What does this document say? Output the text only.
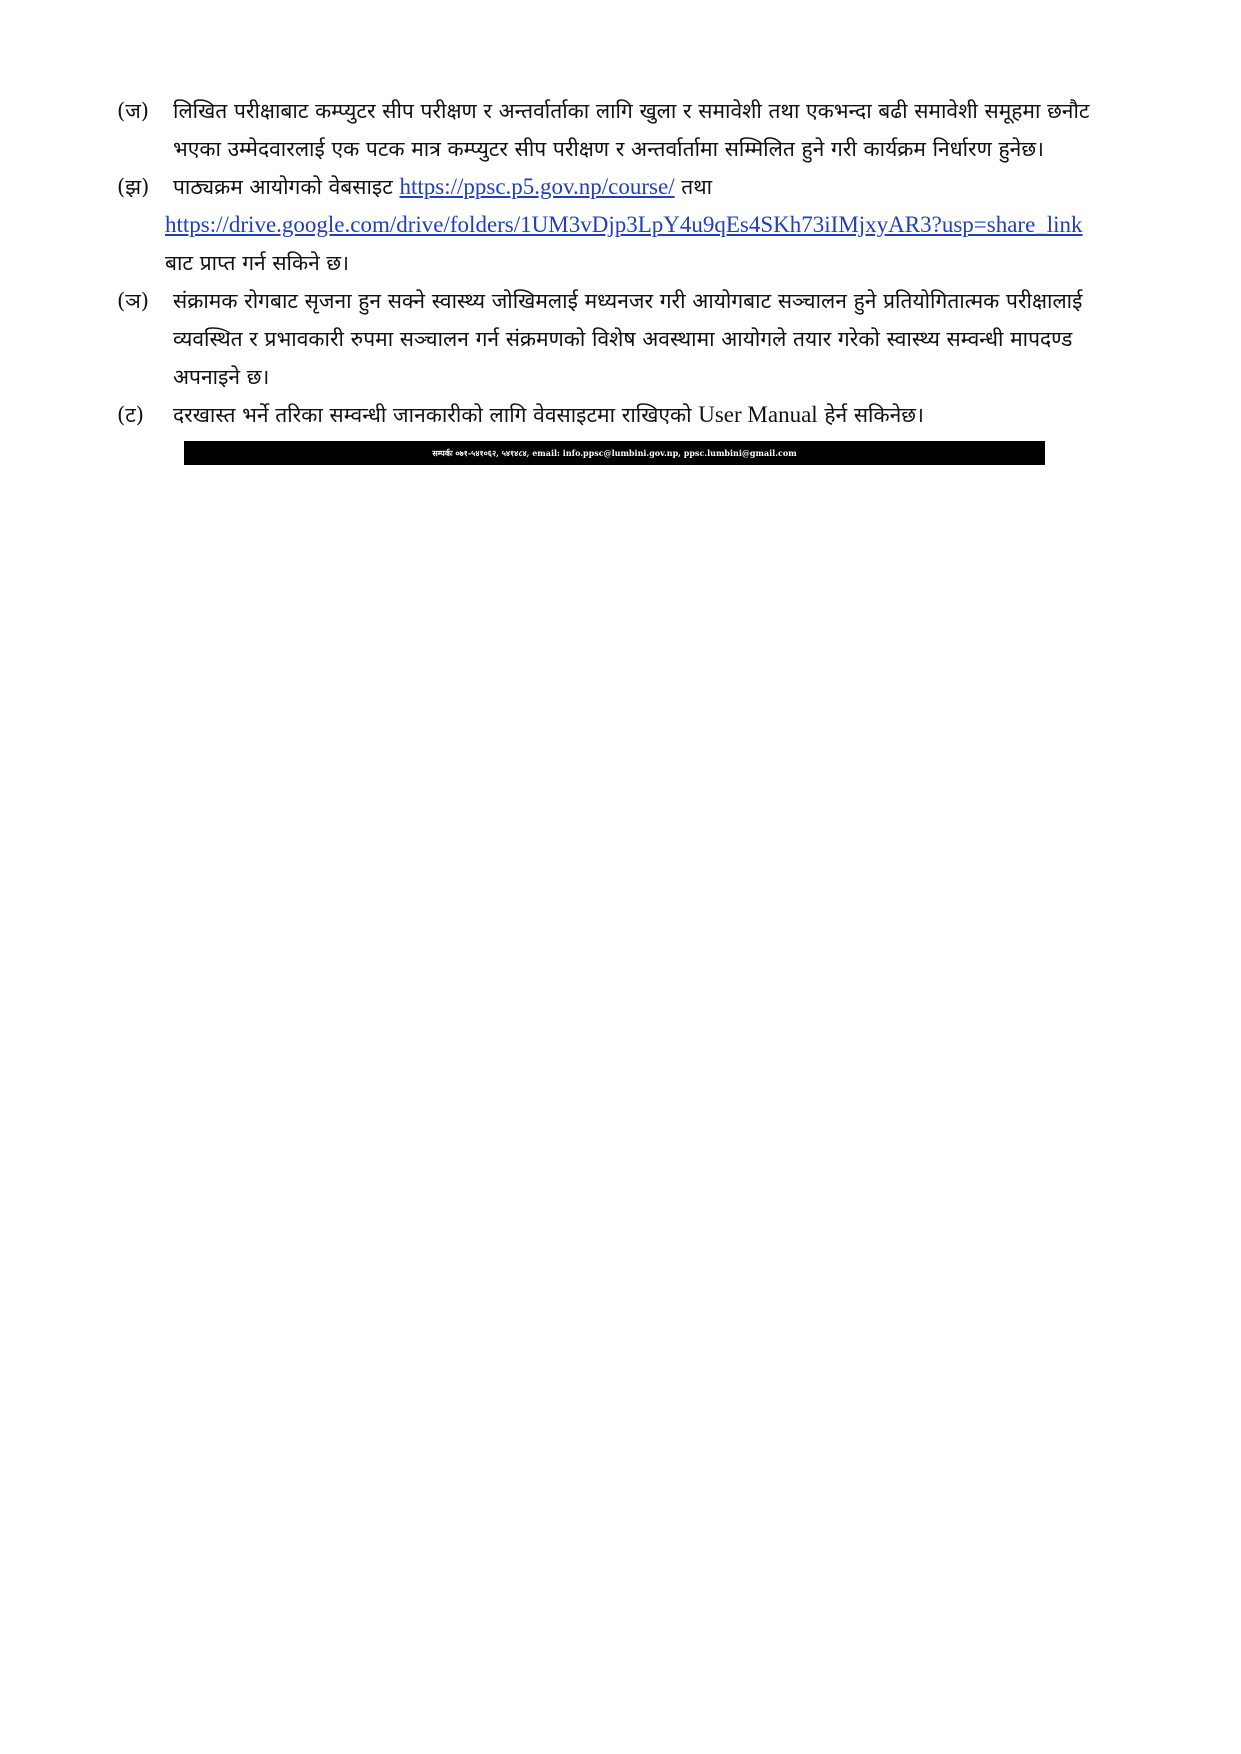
(ज) लिखित परीक्षाबाट कम्प्युटर सीप परीक्षण र अन्तर्वार्ताका लागि खुला र समावेशी तथा एकभन्दा बढी समावेशी समूहमा छनौट
भएका उम्मेदवारलाई एक पटक मात्र कम्प्युटर सीप परीक्षण र अन्तर्वार्तामा सम्मिलित हुने गरी कार्यक्रम निर्धारण हुनेछ।
(झ) पाठ्यक्रम आयोगको वेबसाइट https://ppsc.p5.gov.np/course/ तथा
https://drive.google.com/drive/folders/1UM3vDjp3LpY4u9qEs4SKh73iIMjxyAR3?usp=share_link
बाट प्राप्त गर्न सकिने छ।
(ञ) संक्रामक रोगबाट सृजना हुन सक्ने स्वास्थ्य जोखिमलाई मध्यनजर गरी आयोगबाट सञ्चालन हुने प्रतियोगितात्मक परीक्षालाई
व्यवस्थित र प्रभावकारी रुपमा सञ्चालन गर्न संक्रमणको विशेष अवस्थामा आयोगले तयार गरेको स्वास्थ्य सम्वन्धी मापदण्ड
अपनाइने छ।
(ट) दरखास्त भर्ने तरिका सम्वन्धी जानकारीको लागि वेवसाइटमा राखिएको User Manual हेर्न सकिनेछ।
सम्पर्कः ०७१-५४१०६२, ५४१४८४, email: info.ppsc@lumbini.gov.np, ppsc.lumbini@gmail.com
